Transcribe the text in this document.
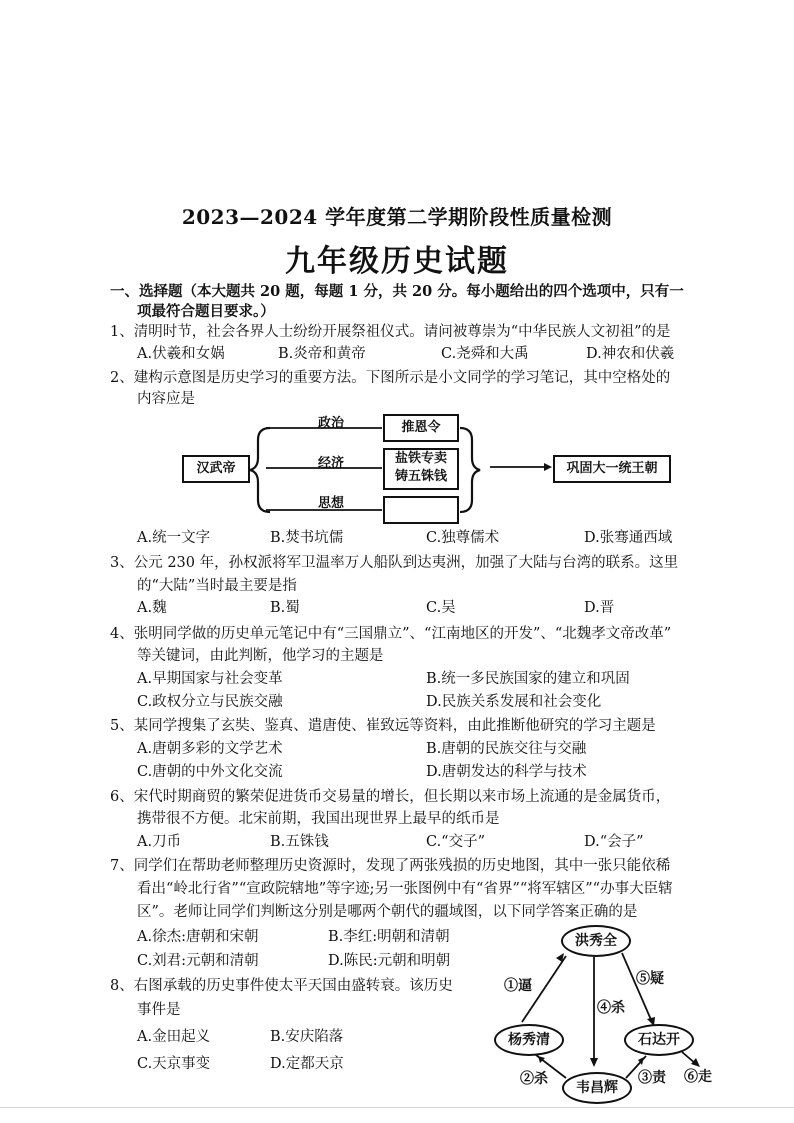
2023—2024 学年度第二学期阶段性质量检测
九年级历史试题
一、选择题（本大题共 20 题，每题 1 分，共 20 分。每小题给出的四个选项中，只有一
项最符合题目要求。）
1、清明时节，社会各界人士纷纷开展祭祖仪式。请问被尊崇为“中华民族人文初祖”的是
A.伏羲和女娲	B.炎帝和黄帝	C.尧舜和大禹	D.神农和伏羲
2、建构示意图是历史学习的重要方法。下图所示是小文同学的学习笔记，其中空格处的
内容应是
汉武帝
政治	推恩令
经济	盐铁专卖
铸五铢钱
思想
巩固大一统王朝
A.统一文字	B.焚书坑儒	C.独尊儒术	D.张骞通西域
3、公元 230 年，孙权派将军卫温率万人船队到达夷洲，加强了大陆与台湾的联系。这里
的“大陆”当时最主要是指
A.魏	B.蜀	C.吴	D.晋
4、张明同学做的历史单元笔记中有“三国鼎立”、“江南地区的开发”、“北魏孝文帝改革”
等关键词，由此判断，他学习的主题是
A.早期国家与社会变革	B.统一多民族国家的建立和巩固
C.政权分立与民族交融	D.民族关系发展和社会变化
5、某同学搜集了玄奘、鉴真、遣唐使、崔致远等资料，由此推断他研究的学习主题是
A.唐朝多彩的文学艺术	B.唐朝的民族交往与交融
C.唐朝的中外文化交流	D.唐朝发达的科学与技术
6、宋代时期商贸的繁荣促进货币交易量的增长，但长期以来市场上流通的是金属货币，
携带很不方便。北宋前期，我国出现世界上最早的纸币是
A.刀币	B.五铢钱	C.“交子”	D.“会子”
7、同学们在帮助老师整理历史资源时，发现了两张残损的历史地图，其中一张只能依稀
看出“岭北行省”“宣政院辖地”等字迹;另一张图例中有“省界”“将军辖区”“办事大臣辖
区”。老师让同学们判断这分别是哪两个朝代的疆域图，以下同学答案正确的是
A.徐杰:唐朝和宋朝	B.李红:明朝和清朝
C.刘君:元朝和清朝	D.陈民:元朝和明朝
8、右图承载的历史事件使太平天国由盛转衰。该历史
事件是
A.金田起义	B.安庆陷落
C.天京事变	D.定都天京
洪秀全
杨秀清	石达开
韦昌辉
①逼
②杀	③责
④杀
⑤疑
⑥走
